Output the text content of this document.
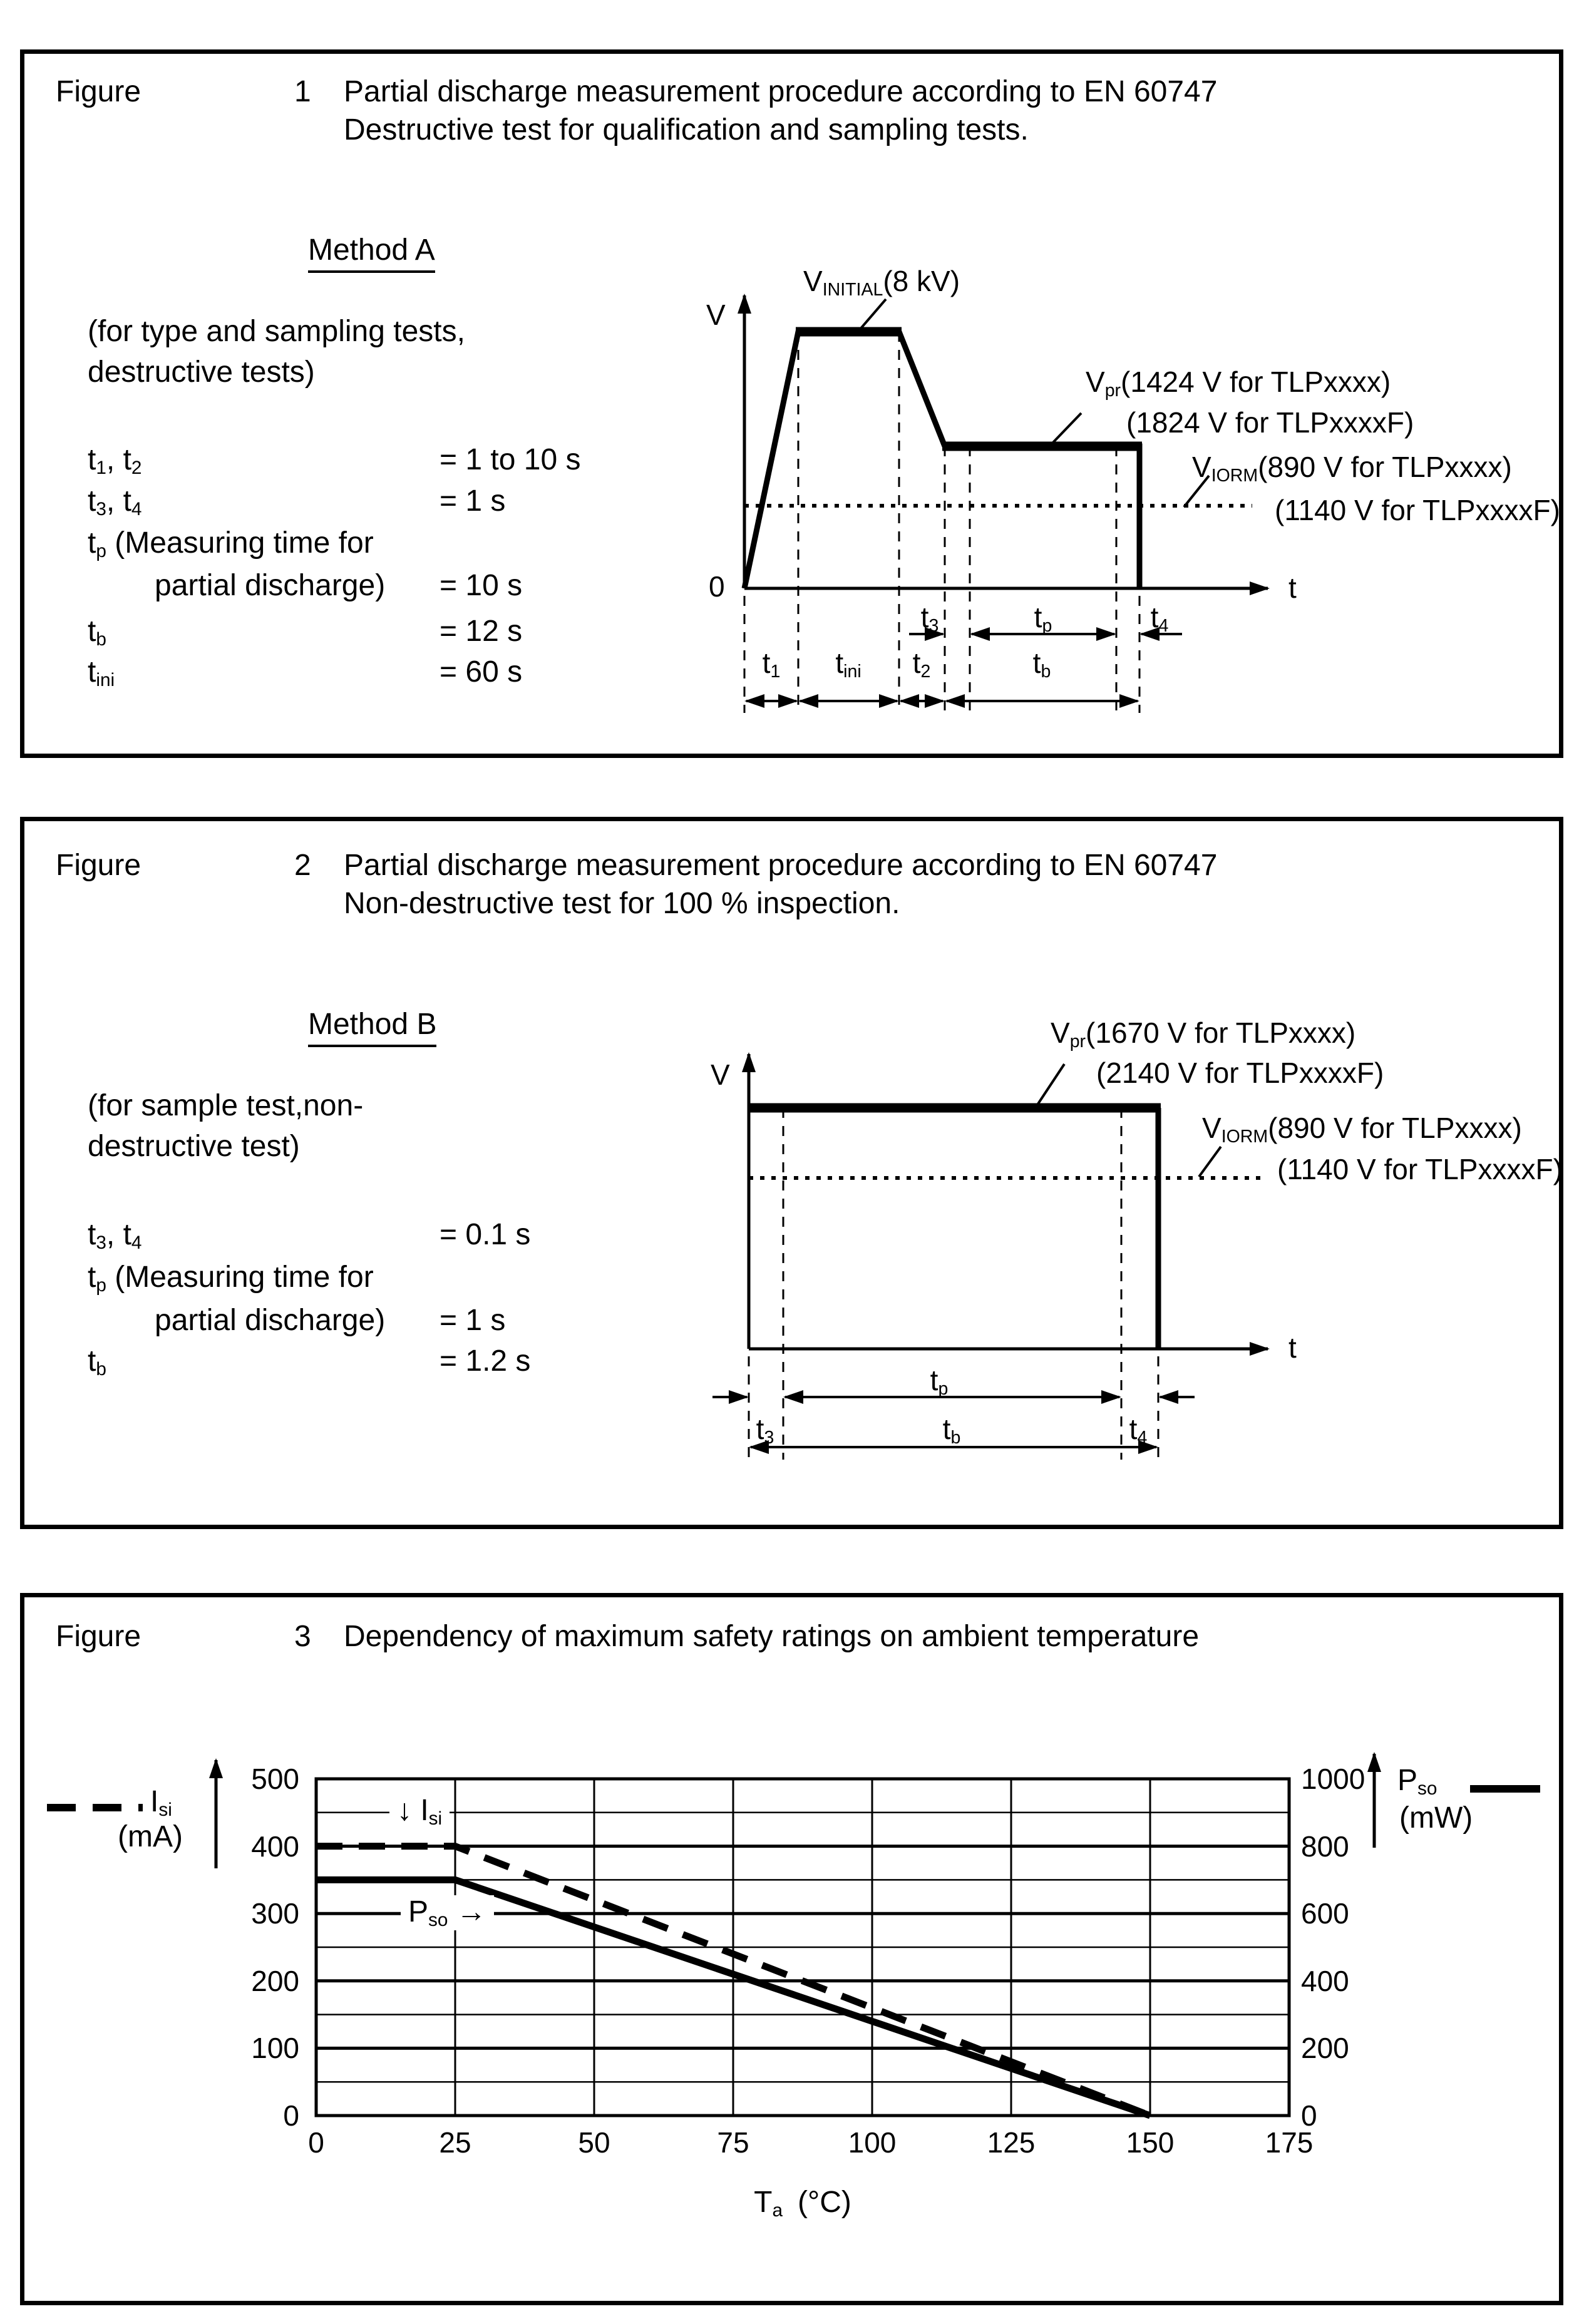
Figure	1 Partial discharge measurement procedure according to EN 60747
Destructive test for qualification and sampling tests.
Method A
(for type and sampling tests,
destructive tests)
t1, t2	= 1 to 10 s
t3, t4	= 1 s
tp (Measuring time for
partial discharge) = 10 s
tb	= 12 s
tini	= 60 s
V
t
0
VINITIAL(8 kV)
Vpr(1424 V for TLPxxxx)
(1824 V for TLPxxxxF)
VIORM(890 V for TLPxxxx)
(1140 V for TLPxxxxF)
t3	tp	t4
t1 tini t2	tb
Figure	2 Partial discharge measurement procedure according to EN 60747
Non-destructive test for 100 % inspection.
Method B
(for sample test,non-
destructive test)
t3, t4	= 0.1 s
tp (Measuring time for
partial discharge) = 1 s
tb	= 1.2 s
V
t
Vpr(1670 V for TLPxxxx)
(2140 V for TLPxxxxF)
VIORM(890 V for TLPxxxx)
(1140 V for TLPxxxxF)
tp
t3	tb	t4
Figure	3 Dependency of maximum safety ratings on ambient temperature
Isi
(mA)
Pso
(mW)
↓ Isi
Pso →
Ta (°C)
0
100
200
300
400
500
0
200
400
600
800
1000
0	25	50	75	100	125	150	175
